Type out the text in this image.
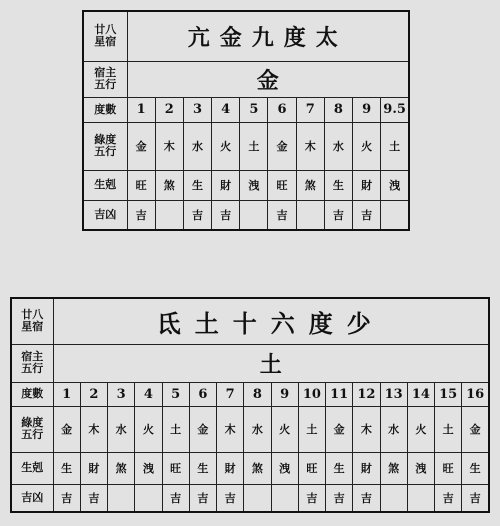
廿八
星宿	亢金九度太									

宿主
五行	金									
度數	1	2	3	4	5	6	7	8	9	9.5

綠度
五行	金	木	水	火	土	金	木	水	火	土
生剋	旺	煞	生	財	洩	旺	煞	生	財	洩
吉凶	吉		吉	吉		吉		吉	吉	
廿八
星宿	氐土十六度少															

宿主
五行	土															
度數	1	2	3	4	5	6	7	8	9	10	11	12	13	14	15	16

綠度
五行	金	木	水	火	土	金	木	水	火	土	金	木	水	火	土	金
生剋	生	財	煞	洩	旺	生	財	煞	洩	旺	生	財	煞	洩	旺	生
吉凶	吉	吉			吉	吉	吉			吉	吉	吉			吉	吉
